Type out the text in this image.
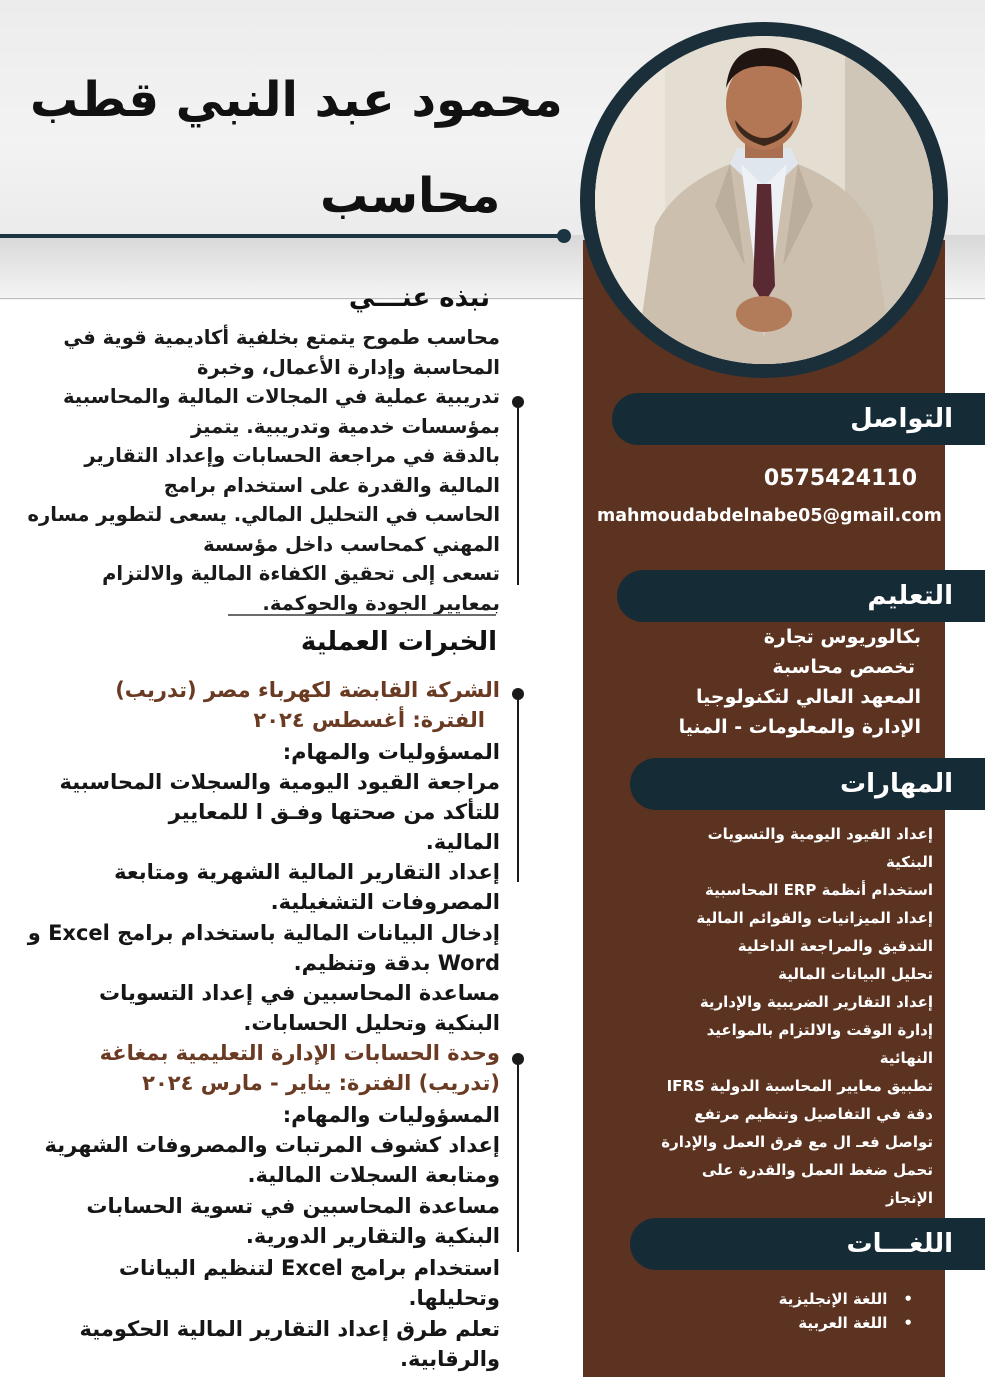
محمود عبد النبي قطب
محاسب
التواصل
0575424110
mahmoudabdelnabe05@gmail.com
التعليم
بكالوريوس تجارة
تخصص محاسبة
المعهد العالي لتكنولوجيا
الإدارة والمعلومات - المنيا
المهارات
•
إعداد القيود اليومية والتسويات
البنكية
•
استخدام أنظمة ERP المحاسبية
•
إعداد الميزانيات والقوائم المالية
•
التدقيق والمراجعة الداخلية
•
تحليل البيانات المالية
•
إعداد التقارير الضريبية والإدارية
•
إدارة الوقت والالتزام بالمواعيد
النهائية
•
تطبيق معايير المحاسبة الدولية IFRS
•
دقة في التفاصيل وتنظيم مرتفع
•
تواصل فعـ ال مع فرق العمل والإدارة
•
تحمل ضغط العمل والقدرة على
الإنجاز
اللغـــات
•اللغة الإنجليزية
•اللغة العربية
نبذه عنـــي
محاسب طموح يتمتع بخلفية أكاديمية قوية في
المحاسبة وإدارة الأعمال، وخبرة
تدريبية عملية في المجالات المالية والمحاسبية
بمؤسسات خدمية وتدريبية. يتميز
بالدقة في مراجعة الحسابات وإعداد التقارير
المالية والقدرة على استخدام برامج
الحاسب في التحليل المالي. يسعى لتطوير مساره
المهني كمحاسب داخل مؤسسة
تسعى إلى تحقيق الكفاءة المالية والالتزام
بمعايير الجودة والحوكمة.
الخبرات العملية
الشركة القابضة لكهرباء مصر (تدريب)
الفترة: أغسطس ٢٠٢٤
المسؤوليات والمهام:
مراجعة القيود اليومية والسجلات المحاسبية
للتأكد من صحتها وفـق ا للمعايير
المالية.
إعداد التقارير المالية الشهرية ومتابعة
المصروفات التشغيلية.
إدخال البيانات المالية باستخدام برامج Excel و
Word بدقة وتنظيم.
مساعدة المحاسبين في إعداد التسويات
البنكية وتحليل الحسابات.
وحدة الحسابات الإدارة التعليمية بمغاغة
(تدريب) الفترة: يناير - مارس ٢٠٢٤
المسؤوليات والمهام:
إعداد كشوف المرتبات والمصروفات الشهرية
ومتابعة السجلات المالية.
مساعدة المحاسبين في تسوية الحسابات
البنكية والتقارير الدورية.
استخدام برامج Excel لتنظيم البيانات
وتحليلها.
تعلم طرق إعداد التقارير المالية الحكومية
والرقابية.
